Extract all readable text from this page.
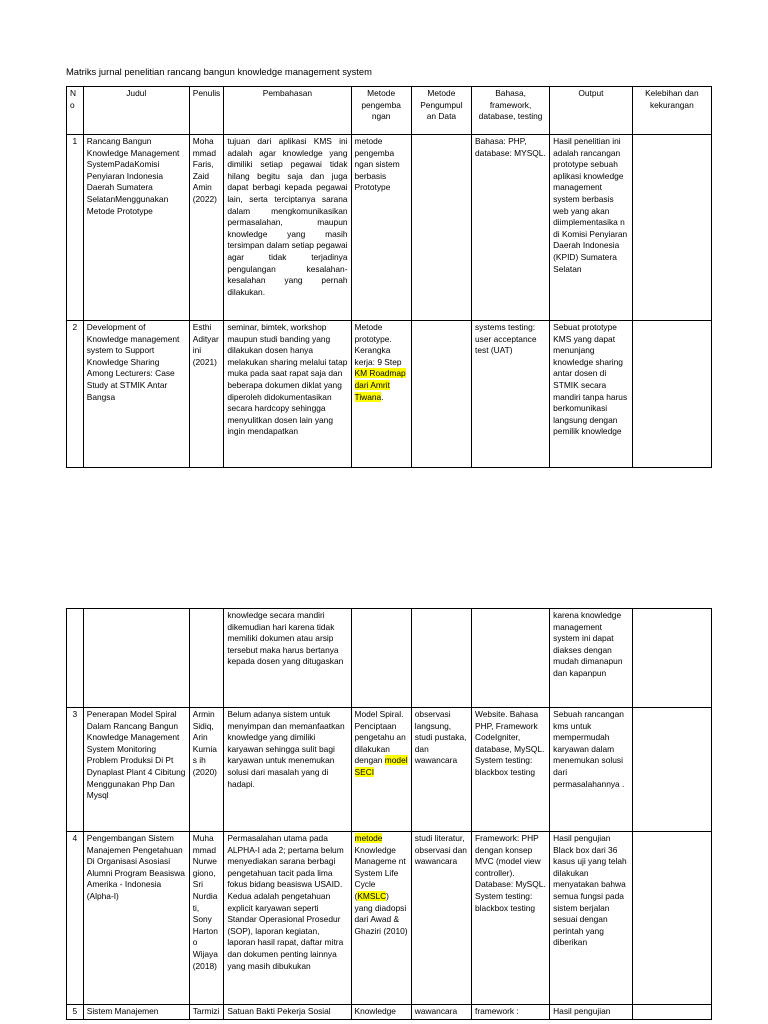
Matriks jurnal penelitian rancang bangun knowledge management system
No	Judul	Penulis	Pembahasan	Metode pengemba ngan	Metode Pengumpul an Data	Bahasa, framework, database, testing	Output	Kelebihan dan kekurangan
1	Rancang Bangun Knowledge Management SystemPadaKomisi Penyiaran Indonesia Daerah Sumatera SelatanMenggunakan Metode Prototype	Moha mmad Faris, Zaid Amin (2022)	tujuan dari aplikasi KMS ini adalah agar knowledge yang dimiliki setiap pegawai tidak hilang begitu saja dan juga dapat berbagi kepada pegawai lain, serta terciptanya sarana dalam mengkomunikasikan permasalahan, maupun knowledge yang masih tersimpan dalam setiap pegawai agar tidak terjadinya pengulangan kesalahan-kesalahan yang pernah dilakukan.	metode pengemba ngan sistem berbasis Prototype		Bahasa: PHP, database: MYSQL.	Hasil penelitian ini adalah rancangan prototype sebuah aplikasi knowledge management system berbasis web yang akan diimplementasika n di Komisi Penyiaran Daerah Indonesia (KPID) Sumatera Selatan	
2	Development of Knowledge management system to Support Knowledge Sharing Among Lecturers: Case Study at STMIK Antar Bangsa	Esthi Adityar ini (2021)	seminar, bimtek, workshop maupun studi banding yang dilakukan dosen hanya melakukan sharing melalui tatap muka pada saat rapat saja dan beberapa dokumen diklat yang diperoleh didokumentasikan secara hardcopy sehingga menyulitkan dosen lain yang ingin mendapatkan	Metode prototype. Kerangka kerja: 9 Step KM Roadmap dari Amrit Tiwana.		systems testing: user acceptance test (UAT)	Sebuat prototype KMS yang dapat menunjang knowledge sharing antar dosen di STMIK secara mandiri tanpa harus berkomunikasi langsung dengan pemilik knowledge	
			knowledge secara mandiri dikemudian hari karena tidak memiliki dokumen atau arsip tersebut maka harus bertanya kepada dosen yang ditugaskan				karena knowledge management system ini dapat diakses dengan mudah dimanapun dan kapanpun	
3	Penerapan Model Spiral Dalam Rancang Bangun Knowledge Management System Monitoring Problem Produksi Di Pt Dynaplast Plant 4 Cibitung Menggunakan Php Dan Mysql	Armin Sidiq, Arin Kurnias ih (2020)	Belum adanya sistem untuk menyimpan dan memanfaatkan knowledge yang dimiliki karyawan sehingga sulit bagi karyawan untuk menemukan solusi dari masalah yang di hadapi.	Model Spiral. Penciptaan pengetahu an dilakukan dengan model SECI	observasi langsung, studi pustaka, dan wawancara	Website. Bahasa PHP, Framework CodeIgniter, database, MySQL. System testing: blackbox testing	Sebuah rancangan kms untuk mempermudah karyawan dalam menemukan solusi dari permasalahannya .	
4	Pengembangan Sistem Manajemen Pengetahuan Di Organisasi Asosiasi Alumni Program Beasiswa Amerika - Indonesia (Alpha-I)	Muha mmad Nurwe giono, Sri Nurdia ti, Sony Harton o Wijaya (2018)	Permasalahan utama pada ALPHA-I ada 2; pertama belum menyediakan sarana berbagi pengetahuan tacit pada lima fokus bidang beasiswa USAID. Kedua adalah pengetahuan explicit karyawan seperti Standar Operasional Prosedur (SOP), laporan kegiatan, laporan hasil rapat, daftar mitra dan dokumen penting lainnya yang masih dibukukan	metode Knowledge Manageme nt System Life Cycle (KMSLC) yang diadopsi dari Awad & Ghaziri (2010)	studi literatur, observasi dan wawancara	Framework: PHP dengan konsep MVC (model view controller). Database: MySQL. System testing: blackbox testing	Hasil pengujian Black box dari 36 kasus uji yang telah dilakukan menyatakan bahwa semua fungsi pada sistem berjalan sesuai dengan perintah yang diberikan	
5	Sistem Manajemen	Tarmizi	Satuan Bakti Pekerja Sosial	Knowledge	wawancara	framework :	Hasil pengujian	
